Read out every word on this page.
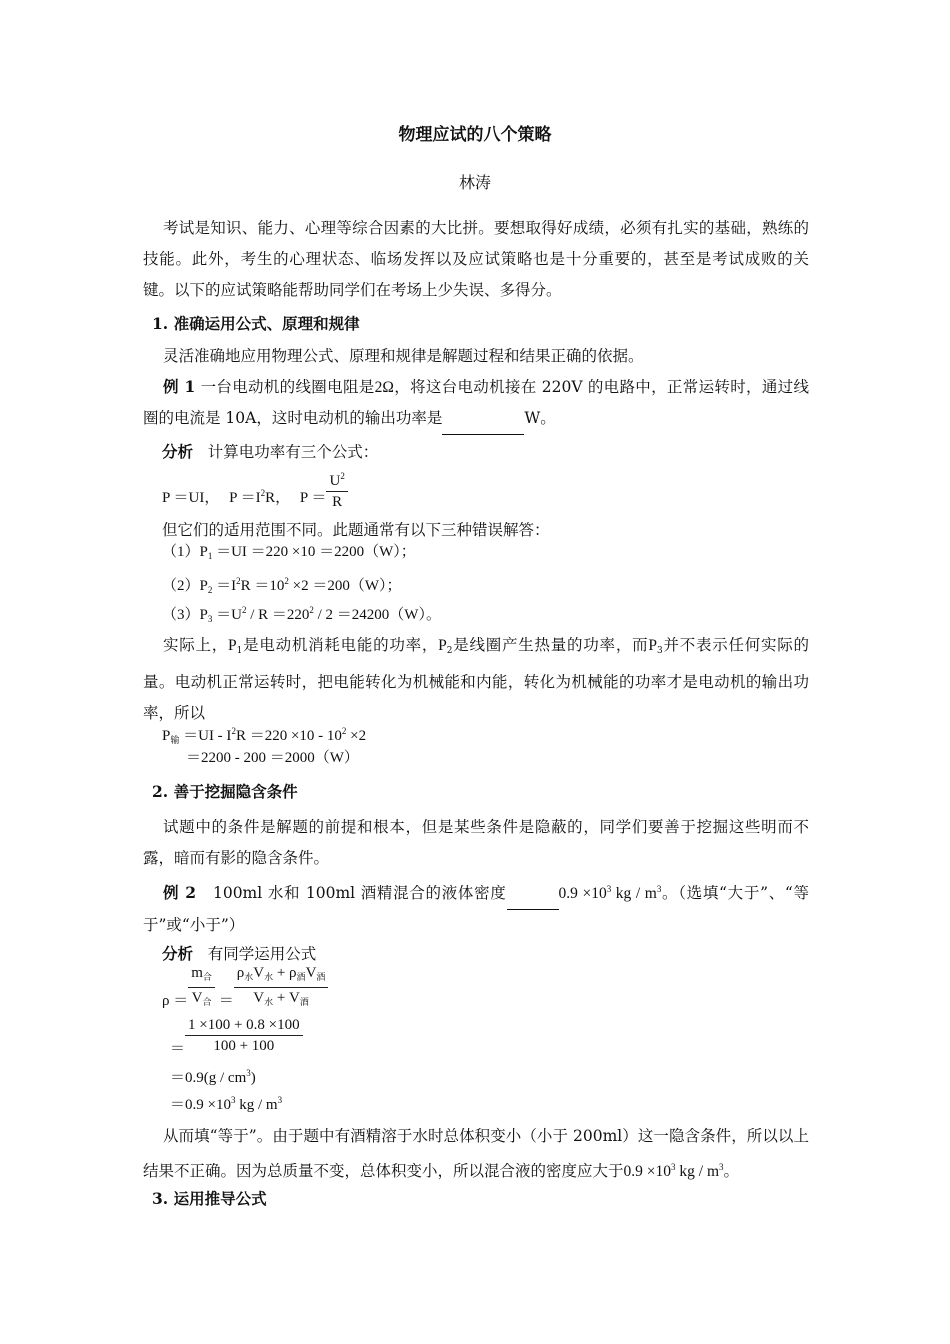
物理应试的八个策略
林涛
考试是知识、能力、心理等综合因素的大比拼。要想取得好成绩，必须有扎实的基础，熟练的技能。此外，考生的心理状态、临场发挥以及应试策略也是十分重要的，甚至是考试成败的关键。以下的应试策略能帮助同学们在考场上少失误、多得分。
1. 准确运用公式、原理和规律
灵活准确地应用物理公式、原理和规律是解题过程和结果正确的依据。
例 1 一台电动机的线圈电阻是2Ω，将这台电动机接在 220V 的电路中，正常运转时，通过线圈的电流是 10A，这时电动机的输出功率是	W。
分析 计算电功率有三个公式：
P ＝UI， $P =I^2R$， $P = \frac{U^2}{R}$
但它们的适用范围不同。此题通常有以下三种错误解答：
$(1)P_1 =UI =220 \times 10 =2200(W)$；
$(2)P_2 =I^2R =10^2 \times 2 =200(W)$；
$(3)P_3 =U^2 / R =220^2 / 2 =24200(W)$。
实际上，$P_1$是电动机消耗电能的功率，$P_2$是线圈产生热量的功率，而$P_3$并不表示任何实际的量。电动机正常运转时，把电能转化为机械能和内能，转化为机械能的功率才是电动机的输出功率，所以
$P_输 =UI - I^2R =220 \times 10 - 10^2 \times 2$
＝2200 - 200 ＝2000（W）
2. 善于挖掘隐含条件
试题中的条件是解题的前提和根本，但是某些条件是隐蔽的，同学们要善于挖掘这些明而不露，暗而有影的隐含条件。
例 2 100ml 水和 100ml 酒精混合的液体密度	$0.9 \times 10^3$ kg / $m^3$。（选填“大于”、“等于”或“小于”）
分析 有同学运用公式
$\rho = \frac{m_合}{V_合} = \frac{\rho_水V_水 + \rho_酒V_酒}{V_水 + V_酒}$
＝ $\frac{1 \times 100 + 0.8 \times 100}{100 + 100}$
$=0.9(g / cm^3)$
$=0.9 \times 10^3$ kg / $m^3$
从而填“等于”。由于题中有酒精溶于水时总体积变小（小于 200ml）这一隐含条件，所以以上结果不正确。因为总质量不变，总体积变小，所以混合液的密度应大于$0.9 \times 10^3$ kg / $m^3$。
3. 运用推导公式
